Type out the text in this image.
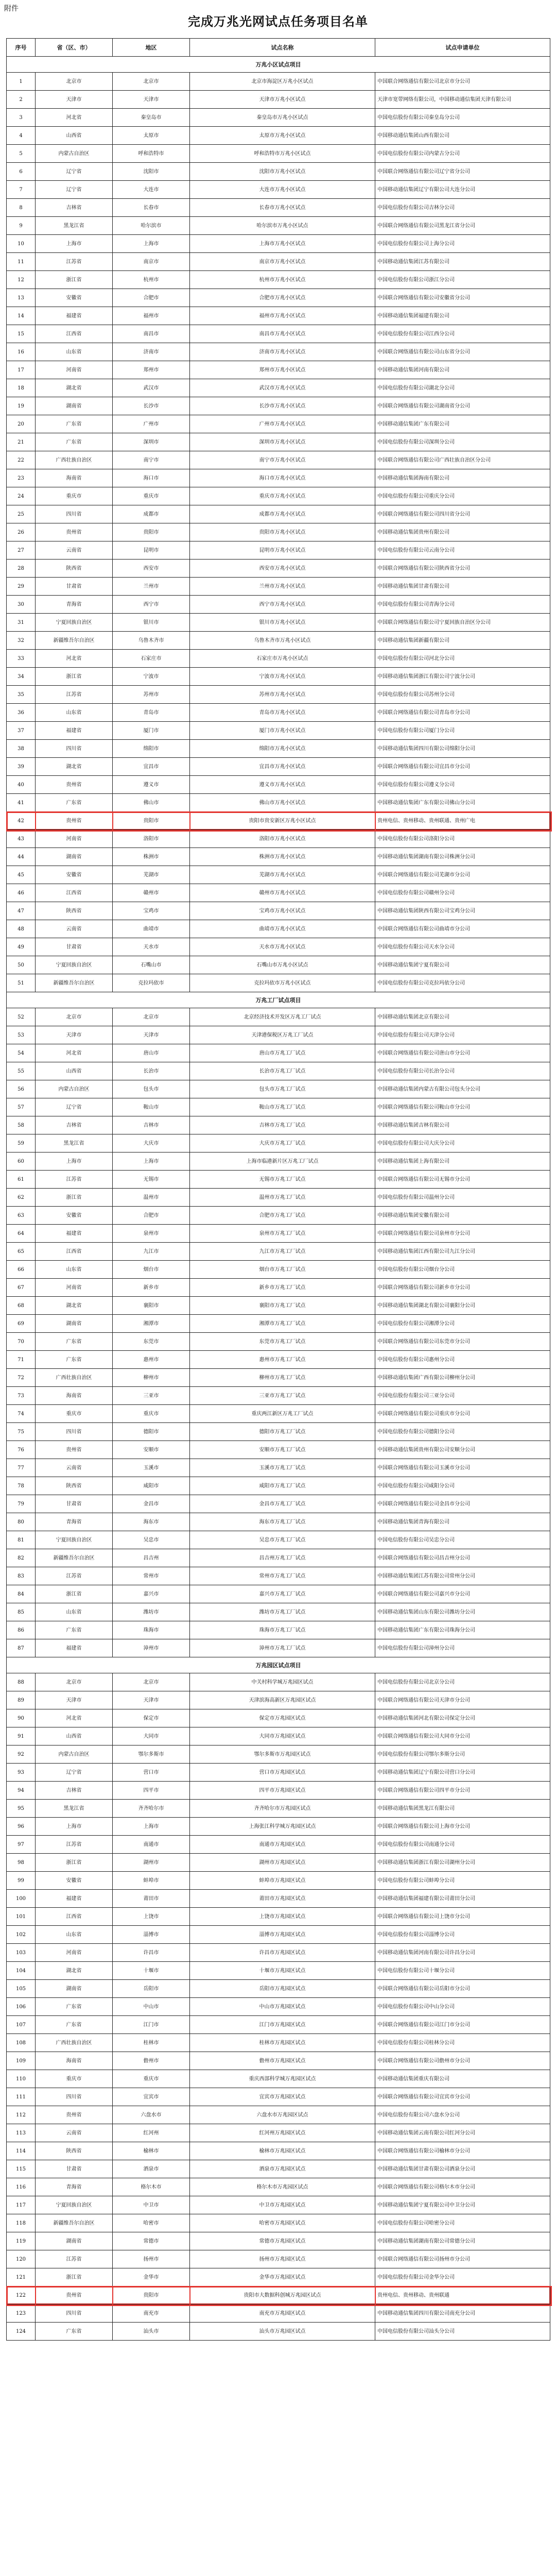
附件
完成万兆光网试点任务项目名单
序号	省（区、市）	地区	试点名称	试点申请单位
万兆小区试点项目				
1	北京市	北京市	北京市海淀区万兆小区试点	中国联合网络通信有限公司北京市分公司
2	天津市	天津市	天津市万兆小区试点	天津市宽带网络有限公司，中国移动通信集团天津有限公司
3	河北省	秦皇岛市	秦皇岛市万兆小区试点	中国电信股份有限公司秦皇岛分公司
4	山西省	太原市	太原市万兆小区试点	中国移动通信集团山西有限公司
5	内蒙古自治区	呼和浩特市	呼和浩特市万兆小区试点	中国电信股份有限公司内蒙古分公司
6	辽宁省	沈阳市	沈阳市万兆小区试点	中国联合网络通信有限公司辽宁省分公司
7	辽宁省	大连市	大连市万兆小区试点	中国移动通信集团辽宁有限公司大连分公司
8	吉林省	长春市	长春市万兆小区试点	中国电信股份有限公司吉林分公司
9	黑龙江省	哈尔滨市	哈尔滨市万兆小区试点	中国联合网络通信有限公司黑龙江省分公司
10	上海市	上海市	上海市万兆小区试点	中国电信股份有限公司上海分公司
11	江苏省	南京市	南京市万兆小区试点	中国移动通信集团江苏有限公司
12	浙江省	杭州市	杭州市万兆小区试点	中国电信股份有限公司浙江分公司
13	安徽省	合肥市	合肥市万兆小区试点	中国联合网络通信有限公司安徽省分公司
14	福建省	福州市	福州市万兆小区试点	中国移动通信集团福建有限公司
15	江西省	南昌市	南昌市万兆小区试点	中国电信股份有限公司江西分公司
16	山东省	济南市	济南市万兆小区试点	中国联合网络通信有限公司山东省分公司
17	河南省	郑州市	郑州市万兆小区试点	中国移动通信集团河南有限公司
18	湖北省	武汉市	武汉市万兆小区试点	中国电信股份有限公司湖北分公司
19	湖南省	长沙市	长沙市万兆小区试点	中国联合网络通信有限公司湖南省分公司
20	广东省	广州市	广州市万兆小区试点	中国移动通信集团广东有限公司
21	广东省	深圳市	深圳市万兆小区试点	中国电信股份有限公司深圳分公司
22	广西壮族自治区	南宁市	南宁市万兆小区试点	中国联合网络通信有限公司广西壮族自治区分公司
23	海南省	海口市	海口市万兆小区试点	中国移动通信集团海南有限公司
24	重庆市	重庆市	重庆市万兆小区试点	中国电信股份有限公司重庆分公司
25	四川省	成都市	成都市万兆小区试点	中国联合网络通信有限公司四川省分公司
26	贵州省	贵阳市	贵阳市万兆小区试点	中国移动通信集团贵州有限公司
27	云南省	昆明市	昆明市万兆小区试点	中国电信股份有限公司云南分公司
28	陕西省	西安市	西安市万兆小区试点	中国联合网络通信有限公司陕西省分公司
29	甘肃省	兰州市	兰州市万兆小区试点	中国移动通信集团甘肃有限公司
30	青海省	西宁市	西宁市万兆小区试点	中国电信股份有限公司青海分公司
31	宁夏回族自治区	银川市	银川市万兆小区试点	中国联合网络通信有限公司宁夏回族自治区分公司
32	新疆维吾尔自治区	乌鲁木齐市	乌鲁木齐市万兆小区试点	中国移动通信集团新疆有限公司
33	河北省	石家庄市	石家庄市万兆小区试点	中国电信股份有限公司河北分公司
34	浙江省	宁波市	宁波市万兆小区试点	中国移动通信集团浙江有限公司宁波分公司
35	江苏省	苏州市	苏州市万兆小区试点	中国电信股份有限公司苏州分公司
36	山东省	青岛市	青岛市万兆小区试点	中国联合网络通信有限公司青岛市分公司
37	福建省	厦门市	厦门市万兆小区试点	中国电信股份有限公司厦门分公司
38	四川省	绵阳市	绵阳市万兆小区试点	中国移动通信集团四川有限公司绵阳分公司
39	湖北省	宜昌市	宜昌市万兆小区试点	中国联合网络通信有限公司宜昌市分公司
40	贵州省	遵义市	遵义市万兆小区试点	中国电信股份有限公司遵义分公司
41	广东省	佛山市	佛山市万兆小区试点	中国移动通信集团广东有限公司佛山分公司
42	贵州省	贵阳市	贵阳市贵安新区万兆小区试点	贵州电信、贵州移动、贵州联通、贵州广电
43	河南省	洛阳市	洛阳市万兆小区试点	中国电信股份有限公司洛阳分公司
44	湖南省	株洲市	株洲市万兆小区试点	中国移动通信集团湖南有限公司株洲分公司
45	安徽省	芜湖市	芜湖市万兆小区试点	中国联合网络通信有限公司芜湖市分公司
46	江西省	赣州市	赣州市万兆小区试点	中国电信股份有限公司赣州分公司
47	陕西省	宝鸡市	宝鸡市万兆小区试点	中国移动通信集团陕西有限公司宝鸡分公司
48	云南省	曲靖市	曲靖市万兆小区试点	中国联合网络通信有限公司曲靖市分公司
49	甘肃省	天水市	天水市万兆小区试点	中国电信股份有限公司天水分公司
50	宁夏回族自治区	石嘴山市	石嘴山市万兆小区试点	中国移动通信集团宁夏有限公司
51	新疆维吾尔自治区	克拉玛依市	克拉玛依市万兆小区试点	中国电信股份有限公司克拉玛依分公司
万兆工厂试点项目				
52	北京市	北京市	北京经济技术开发区万兆工厂试点	中国移动通信集团北京有限公司
53	天津市	天津市	天津港保税区万兆工厂试点	中国电信股份有限公司天津分公司
54	河北省	唐山市	唐山市万兆工厂试点	中国联合网络通信有限公司唐山市分公司
55	山西省	长治市	长治市万兆工厂试点	中国电信股份有限公司长治分公司
56	内蒙古自治区	包头市	包头市万兆工厂试点	中国移动通信集团内蒙古有限公司包头分公司
57	辽宁省	鞍山市	鞍山市万兆工厂试点	中国联合网络通信有限公司鞍山市分公司
58	吉林省	吉林市	吉林市万兆工厂试点	中国移动通信集团吉林有限公司
59	黑龙江省	大庆市	大庆市万兆工厂试点	中国电信股份有限公司大庆分公司
60	上海市	上海市	上海市临港新片区万兆工厂试点	中国移动通信集团上海有限公司
61	江苏省	无锡市	无锡市万兆工厂试点	中国联合网络通信有限公司无锡市分公司
62	浙江省	温州市	温州市万兆工厂试点	中国电信股份有限公司温州分公司
63	安徽省	合肥市	合肥市万兆工厂试点	中国移动通信集团安徽有限公司
64	福建省	泉州市	泉州市万兆工厂试点	中国联合网络通信有限公司泉州市分公司
65	江西省	九江市	九江市万兆工厂试点	中国移动通信集团江西有限公司九江分公司
66	山东省	烟台市	烟台市万兆工厂试点	中国电信股份有限公司烟台分公司
67	河南省	新乡市	新乡市万兆工厂试点	中国联合网络通信有限公司新乡市分公司
68	湖北省	襄阳市	襄阳市万兆工厂试点	中国移动通信集团湖北有限公司襄阳分公司
69	湖南省	湘潭市	湘潭市万兆工厂试点	中国电信股份有限公司湘潭分公司
70	广东省	东莞市	东莞市万兆工厂试点	中国联合网络通信有限公司东莞市分公司
71	广东省	惠州市	惠州市万兆工厂试点	中国电信股份有限公司惠州分公司
72	广西壮族自治区	柳州市	柳州市万兆工厂试点	中国移动通信集团广西有限公司柳州分公司
73	海南省	三亚市	三亚市万兆工厂试点	中国电信股份有限公司三亚分公司
74	重庆市	重庆市	重庆两江新区万兆工厂试点	中国联合网络通信有限公司重庆市分公司
75	四川省	德阳市	德阳市万兆工厂试点	中国电信股份有限公司德阳分公司
76	贵州省	安顺市	安顺市万兆工厂试点	中国移动通信集团贵州有限公司安顺分公司
77	云南省	玉溪市	玉溪市万兆工厂试点	中国联合网络通信有限公司玉溪市分公司
78	陕西省	咸阳市	咸阳市万兆工厂试点	中国电信股份有限公司咸阳分公司
79	甘肃省	金昌市	金昌市万兆工厂试点	中国联合网络通信有限公司金昌市分公司
80	青海省	海东市	海东市万兆工厂试点	中国移动通信集团青海有限公司
81	宁夏回族自治区	吴忠市	吴忠市万兆工厂试点	中国电信股份有限公司吴忠分公司
82	新疆维吾尔自治区	昌吉州	昌吉州万兆工厂试点	中国联合网络通信有限公司昌吉州分公司
83	江苏省	常州市	常州市万兆工厂试点	中国移动通信集团江苏有限公司常州分公司
84	浙江省	嘉兴市	嘉兴市万兆工厂试点	中国联合网络通信有限公司嘉兴市分公司
85	山东省	潍坊市	潍坊市万兆工厂试点	中国移动通信集团山东有限公司潍坊分公司
86	广东省	珠海市	珠海市万兆工厂试点	中国移动通信集团广东有限公司珠海分公司
87	福建省	漳州市	漳州市万兆工厂试点	中国电信股份有限公司漳州分公司
万兆园区试点项目				
88	北京市	北京市	中关村科学城万兆园区试点	中国电信股份有限公司北京分公司
89	天津市	天津市	天津滨海高新区万兆园区试点	中国联合网络通信有限公司天津市分公司
90	河北省	保定市	保定市万兆园区试点	中国移动通信集团河北有限公司保定分公司
91	山西省	大同市	大同市万兆园区试点	中国联合网络通信有限公司大同市分公司
92	内蒙古自治区	鄂尔多斯市	鄂尔多斯市万兆园区试点	中国电信股份有限公司鄂尔多斯分公司
93	辽宁省	营口市	营口市万兆园区试点	中国移动通信集团辽宁有限公司营口分公司
94	吉林省	四平市	四平市万兆园区试点	中国联合网络通信有限公司四平市分公司
95	黑龙江省	齐齐哈尔市	齐齐哈尔市万兆园区试点	中国移动通信集团黑龙江有限公司
96	上海市	上海市	上海张江科学城万兆园区试点	中国联合网络通信有限公司上海市分公司
97	江苏省	南通市	南通市万兆园区试点	中国电信股份有限公司南通分公司
98	浙江省	湖州市	湖州市万兆园区试点	中国移动通信集团浙江有限公司湖州分公司
99	安徽省	蚌埠市	蚌埠市万兆园区试点	中国电信股份有限公司蚌埠分公司
100	福建省	莆田市	莆田市万兆园区试点	中国移动通信集团福建有限公司莆田分公司
101	江西省	上饶市	上饶市万兆园区试点	中国联合网络通信有限公司上饶市分公司
102	山东省	淄博市	淄博市万兆园区试点	中国电信股份有限公司淄博分公司
103	河南省	许昌市	许昌市万兆园区试点	中国移动通信集团河南有限公司许昌分公司
104	湖北省	十堰市	十堰市万兆园区试点	中国电信股份有限公司十堰分公司
105	湖南省	岳阳市	岳阳市万兆园区试点	中国联合网络通信有限公司岳阳市分公司
106	广东省	中山市	中山市万兆园区试点	中国电信股份有限公司中山分公司
107	广东省	江门市	江门市万兆园区试点	中国联合网络通信有限公司江门市分公司
108	广西壮族自治区	桂林市	桂林市万兆园区试点	中国电信股份有限公司桂林分公司
109	海南省	儋州市	儋州市万兆园区试点	中国联合网络通信有限公司儋州市分公司
110	重庆市	重庆市	重庆西部科学城万兆园区试点	中国移动通信集团重庆有限公司
111	四川省	宜宾市	宜宾市万兆园区试点	中国联合网络通信有限公司宜宾市分公司
112	贵州省	六盘水市	六盘水市万兆园区试点	中国电信股份有限公司六盘水分公司
113	云南省	红河州	红河州万兆园区试点	中国移动通信集团云南有限公司红河分公司
114	陕西省	榆林市	榆林市万兆园区试点	中国联合网络通信有限公司榆林市分公司
115	甘肃省	酒泉市	酒泉市万兆园区试点	中国移动通信集团甘肃有限公司酒泉分公司
116	青海省	格尔木市	格尔木市万兆园区试点	中国联合网络通信有限公司格尔木市分公司
117	宁夏回族自治区	中卫市	中卫市万兆园区试点	中国移动通信集团宁夏有限公司中卫分公司
118	新疆维吾尔自治区	哈密市	哈密市万兆园区试点	中国电信股份有限公司哈密分公司
119	湖南省	常德市	常德市万兆园区试点	中国移动通信集团湖南有限公司常德分公司
120	江苏省	扬州市	扬州市万兆园区试点	中国联合网络通信有限公司扬州市分公司
121	浙江省	金华市	金华市万兆园区试点	中国电信股份有限公司金华分公司
122	贵州省	贵阳市	贵阳市大数据科创城万兆园区试点	贵州电信、贵州移动、贵州联通
123	四川省	南充市	南充市万兆园区试点	中国移动通信集团四川有限公司南充分公司
124	广东省	汕头市	汕头市万兆园区试点	中国电信股份有限公司汕头分公司
